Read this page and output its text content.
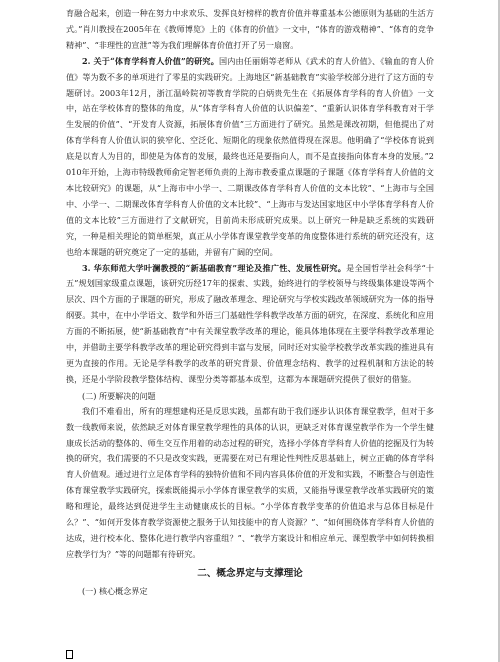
育融合起来，创造一种在努力中求欢乐、发挥良好榜样的教育价值并尊重基本公德原则为基础的生活方式。”肖川教授在2005年在《教师博览》上的《体育的价值》一文中，“体育的游戏精神”、“体育的竞争精神”、“非理性的宣泄”等为我们理解体育价值打开了另一扇窗。

2. 关于“体育学科育人价值”的研究。国内由任丽娟等老师从《武术的育人价值》、《输血的育人价值》等为数不多的单项进行了零星的实践研究。上海地区“新基础教育”实验学校部分进行了这方面的专题研讨。2003年12月，浙江温岭院初等教育学院的白炳贵先生在《拓展体育学科的育人价值》一文中，站在学校体育的整体的角度，从“体育学科育人价值的认识偏差”、“重新认识体育学科教育对于学生发展的价值”、“开发育人资源，拓展体育价值”三方面进行了研究。虽然是课改初期，但他提出了对体育学科育人价值认识的狭窄化、空泛化、短期化的现象依然值得现在深思。他明确了“学校体育说到底是以育人为目的，即使是为体育的发展，最终也还是要指向人，而不是直接指向体育本身的发展。”2010年开始，上海市特级教师俞定智老师负责的上海市教委重点课题的子课题《体育学科育人价值的文本比较研究》的课题，从“上海市中小学一、二期课改体育学科育人价值的文本比较”、“上海市与全国中、小学一、二期课改体育学科育人价值的文本比较”、“上海市与发达国家地区中小学体育学科育人价值的文本比较”三方面进行了文献研究，目前尚未形成研究成果。以上研究一种是缺乏系统的实践研究，一种是相关理论的简单框架，真正从小学体育课堂教学变革的角度整体进行系统的研究还没有，这也给本课题的研究奠定了一定的基础，并留有广阔的空间。

3. 华东师范大学叶澜教授的“新基础教育”理论及推广性、发展性研究。是全国哲学社会科学“十五”规划国家级重点课题，该研究历经17年的探索、实践，始终进行的学校领导与终级集体建设等两个层次、四个方面的子课题的研究，形成了融改革理念、理论研究与学校实践改革领域研究为一体的指导纲要。其中，在中小学语文、数学和外语三门基础性学科教学改革方面的研究，在深度、系统化和应用方面的不断拓展，使“新基础教育”中有关课堂教学改革的理论，能具体地体现在主要学科教学改革理论中，并借助主要学科教学改革的理论研究得到丰富与发展，同时还对实验学校教学改革实践的推进具有更为直接的作用。无论是学科教学的改革的研究背景、价值理念结构、教学的过程机制和方法论的转换，还是小学阶段教学整体结构、课型分类等都基本成型，这都为本课题研究提供了很好的借鉴。

(二) 所要解决的问题

我们不难看出，所有的理想建构还是反思实践，虽都有助于我们逐步认识体育课堂教学，但对于多数一线教师来说，依然缺乏对体育课堂教学理性的具体的认识，更缺乏对体育课堂教学作为一个学生健康成长活动的整体的、师生交互作用着的动态过程的研究，选择小学体育学科育人价值的挖掘及行为转换的研究，我们需要的不只是改变实践，更需要在对已有理论性判性反思基础上，树立正确的体育学科育人价值观。通过进行立足体育学科的独特价值和不同内容具体价值的开发和实践，不断整合与创造性体育课堂教学实践研究，探索既能揭示小学体育课堂教学的实质，又能指导课堂教学改革实践研究的策略和理论，最终达到促进学生主动健康成长的目标。“小学体育教学变革的价值追求与总体目标是什么？”、“如何开发体育教学资源使之服务于认知技能中的育人资源？”、“如何围绕体育学科育人价值的达成，进行校本化、整体化进行教学内容重组？”、“教学方案设计和相应单元、课型教学中如何转换相应教学行为？”等的问题都有待研究。

二、概念界定与支撑理论
(一) 核心概念界定
